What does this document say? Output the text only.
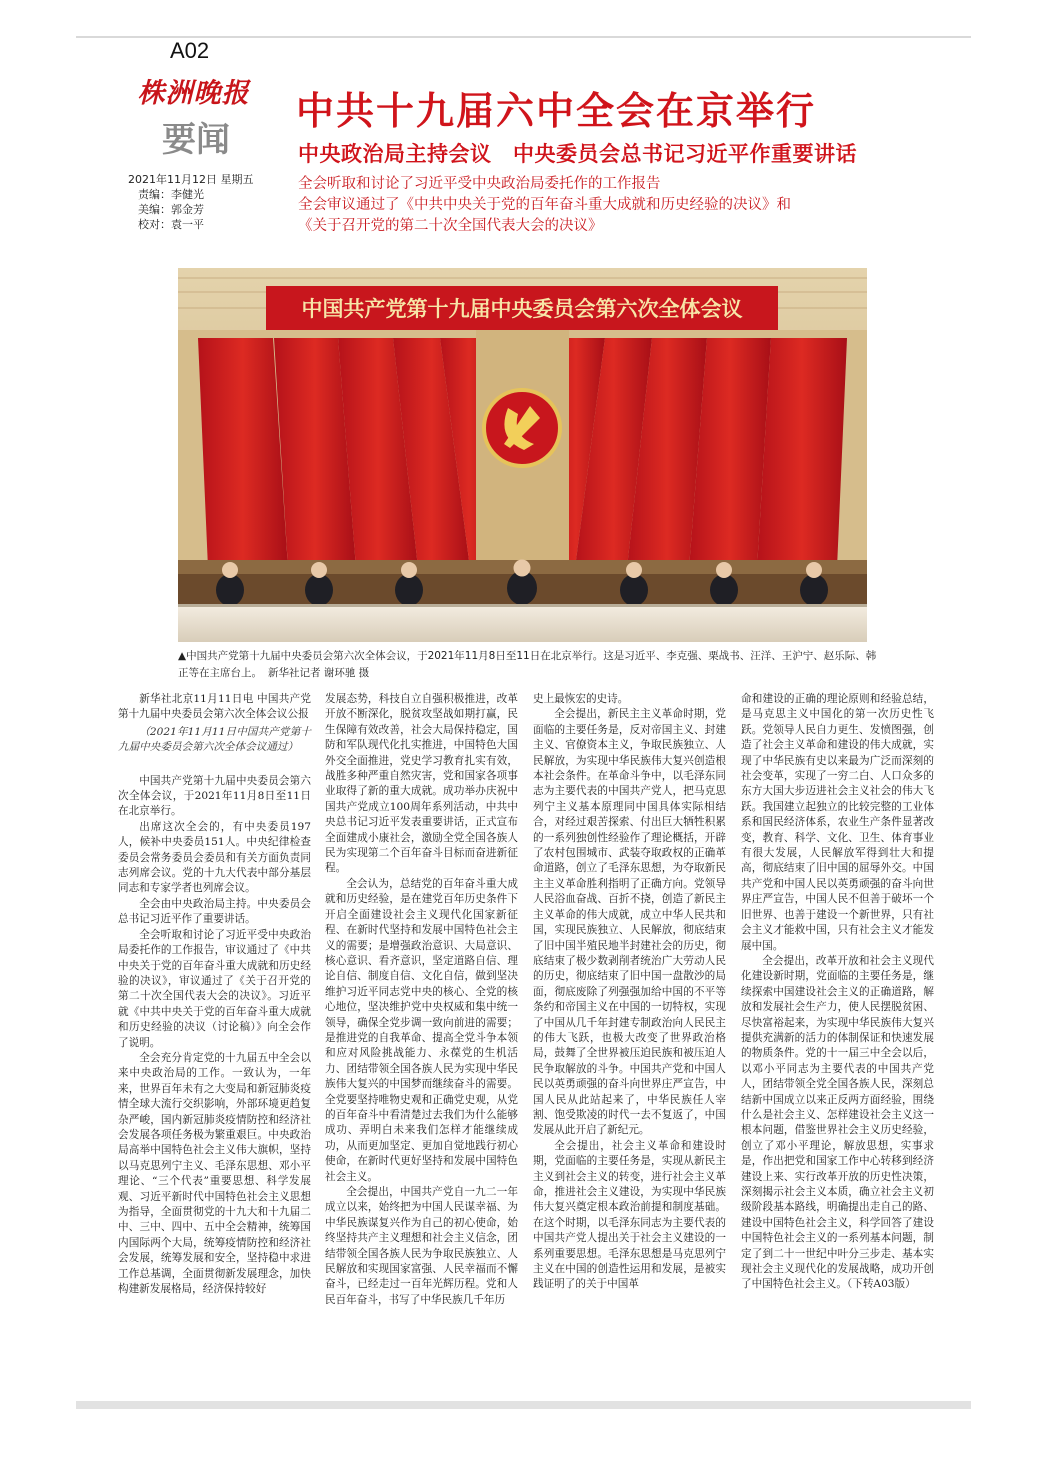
A02
株洲晚报
要闻
2021年11月12日 星期五
责编：李健光
美编：郭金芳
校对：袁一平
中共十九届六中全会在京举行
中央政治局主持会议　中央委员会总书记习近平作重要讲话
全会听取和讨论了习近平受中央政治局委托作的工作报告
全会审议通过了《中共中央关于党的百年奋斗重大成就和历史经验的决议》和
《关于召开党的第二十次全国代表大会的决议》
中国共产党第十九届中央委员会第六次全体会议
▲中国共产党第十九届中央委员会第六次全体会议，于2021年11月8日至11日在北京举行。这是习近平、李克强、栗战书、汪洋、王沪宁、赵乐际、韩正等在主席台上。 新华社记者 谢环驰 摄

新华社北京11月11日电 中国共产党第十九届中央委员会第六次全体会议公报

（2021年11月11日中国共产党第十九届中央委员会第六次全体会议通过）

中国共产党第十九届中央委员会第六次全体会议，于2021年11月8日至11日在北京举行。

出席这次全会的，有中央委员197人，候补中央委员151人。中央纪律检查委员会常务委员会委员和有关方面负责同志列席会议。党的十九大代表中部分基层同志和专家学者也列席会议。

全会由中央政治局主持。中央委员会总书记习近平作了重要讲话。

全会听取和讨论了习近平受中央政治局委托作的工作报告，审议通过了《中共中央关于党的百年奋斗重大成就和历史经验的决议》，审议通过了《关于召开党的第二十次全国代表大会的决议》。习近平就《中共中央关于党的百年奋斗重大成就和历史经验的决议（讨论稿）》向全会作了说明。

全会充分肯定党的十九届五中全会以来中央政治局的工作。一致认为，一年来，世界百年未有之大变局和新冠肺炎疫情全球大流行交织影响，外部环境更趋复杂严峻，国内新冠肺炎疫情防控和经济社会发展各项任务极为繁重艰巨。中央政治局高举中国特色社会主义伟大旗帜，坚持以马克思列宁主义、毛泽东思想、邓小平理论、“三个代表”重要思想、科学发展观、习近平新时代中国特色社会主义思想为指导，全面贯彻党的十九大和十九届二中、三中、四中、五中全会精神，统筹国内国际两个大局，统筹疫情防控和经济社会发展，统筹发展和安全，坚持稳中求进工作总基调，全面贯彻新发展理念，加快构建新发展格局，经济保持较好

发展态势，科技自立自强积极推进，改革开放不断深化，脱贫攻坚战如期打赢，民生保障有效改善，社会大局保持稳定，国防和军队现代化扎实推进，中国特色大国外交全面推进，党史学习教育扎实有效，战胜多种严重自然灾害，党和国家各项事业取得了新的重大成就。成功举办庆祝中国共产党成立100周年系列活动，中共中央总书记习近平发表重要讲话，正式宣布全面建成小康社会，激励全党全国各族人民为实现第二个百年奋斗目标而奋进新征程。

全会认为，总结党的百年奋斗重大成就和历史经验，是在建党百年历史条件下开启全面建设社会主义现代化国家新征程、在新时代坚持和发展中国特色社会主义的需要；是增强政治意识、大局意识、核心意识、看齐意识，坚定道路自信、理论自信、制度自信、文化自信，做到坚决维护习近平同志党中央的核心、全党的核心地位，坚决维护党中央权威和集中统一领导，确保全党步调一致向前进的需要；是推进党的自我革命、提高全党斗争本领和应对风险挑战能力、永葆党的生机活力、团结带领全国各族人民为实现中华民族伟大复兴的中国梦而继续奋斗的需要。全党要坚持唯物史观和正确党史观，从党的百年奋斗中看清楚过去我们为什么能够成功、弄明白未来我们怎样才能继续成功，从而更加坚定、更加自觉地践行初心使命，在新时代更好坚持和发展中国特色社会主义。

全会提出，中国共产党自一九二一年成立以来，始终把为中国人民谋幸福、为中华民族谋复兴作为自己的初心使命，始终坚持共产主义理想和社会主义信念，团结带领全国各族人民为争取民族独立、人民解放和实现国家富强、人民幸福而不懈奋斗，已经走过一百年光辉历程。党和人民百年奋斗，书写了中华民族几千年历

史上最恢宏的史诗。

全会提出，新民主主义革命时期，党面临的主要任务是，反对帝国主义、封建主义、官僚资本主义，争取民族独立、人民解放，为实现中华民族伟大复兴创造根本社会条件。在革命斗争中，以毛泽东同志为主要代表的中国共产党人，把马克思列宁主义基本原理同中国具体实际相结合，对经过艰苦探索、付出巨大牺牲积累的一系列独创性经验作了理论概括，开辟了农村包围城市、武装夺取政权的正确革命道路，创立了毛泽东思想，为夺取新民主主义革命胜利指明了正确方向。党领导人民浴血奋战、百折不挠，创造了新民主主义革命的伟大成就，成立中华人民共和国，实现民族独立、人民解放，彻底结束了旧中国半殖民地半封建社会的历史，彻底结束了极少数剥削者统治广大劳动人民的历史，彻底结束了旧中国一盘散沙的局面，彻底废除了列强强加给中国的不平等条约和帝国主义在中国的一切特权，实现了中国从几千年封建专制政治向人民民主的伟大飞跃，也极大改变了世界政治格局，鼓舞了全世界被压迫民族和被压迫人民争取解放的斗争。中国共产党和中国人民以英勇顽强的奋斗向世界庄严宣告，中国人民从此站起来了，中华民族任人宰割、饱受欺凌的时代一去不复返了，中国发展从此开启了新纪元。

全会提出，社会主义革命和建设时期，党面临的主要任务是，实现从新民主主义到社会主义的转变，进行社会主义革命，推进社会主义建设，为实现中华民族伟大复兴奠定根本政治前提和制度基础。在这个时期，以毛泽东同志为主要代表的中国共产党人提出关于社会主义建设的一系列重要思想。毛泽东思想是马克思列宁主义在中国的创造性运用和发展，是被实践证明了的关于中国革

命和建设的正确的理论原则和经验总结，是马克思主义中国化的第一次历史性飞跃。党领导人民自力更生、发愤图强，创造了社会主义革命和建设的伟大成就，实现了中华民族有史以来最为广泛而深刻的社会变革，实现了一穷二白、人口众多的东方大国大步迈进社会主义社会的伟大飞跃。我国建立起独立的比较完整的工业体系和国民经济体系，农业生产条件显著改变，教育、科学、文化、卫生、体育事业有很大发展，人民解放军得到壮大和提高，彻底结束了旧中国的屈辱外交。中国共产党和中国人民以英勇顽强的奋斗向世界庄严宣告，中国人民不但善于破坏一个旧世界、也善于建设一个新世界，只有社会主义才能救中国，只有社会主义才能发展中国。

全会提出，改革开放和社会主义现代化建设新时期，党面临的主要任务是，继续探索中国建设社会主义的正确道路，解放和发展社会生产力，使人民摆脱贫困、尽快富裕起来，为实现中华民族伟大复兴提供充满新的活力的体制保证和快速发展的物质条件。党的十一届三中全会以后，以邓小平同志为主要代表的中国共产党人，团结带领全党全国各族人民，深刻总结新中国成立以来正反两方面经验，围绕什么是社会主义、怎样建设社会主义这一根本问题，借鉴世界社会主义历史经验，创立了邓小平理论，解放思想，实事求是，作出把党和国家工作中心转移到经济建设上来、实行改革开放的历史性决策，深刻揭示社会主义本质，确立社会主义初级阶段基本路线，明确提出走自己的路、建设中国特色社会主义，科学回答了建设中国特色社会主义的一系列基本问题，制定了到二十一世纪中叶分三步走、基本实现社会主义现代化的发展战略，成功开创了中国特色社会主义。（下转A03版）
